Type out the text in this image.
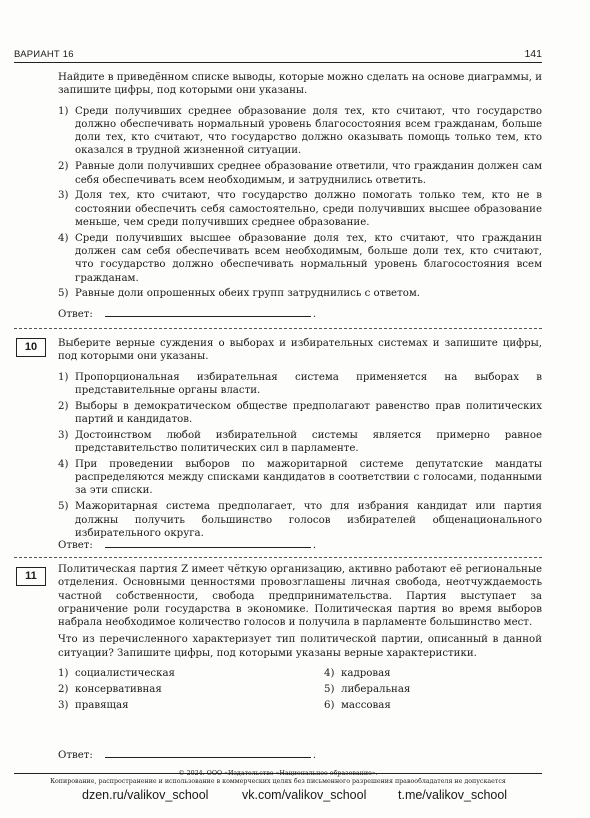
ВАРИАНТ 16	141

Найдите в приведённом списке выводы, которые можно сделать на основе диаграммы, и запишите цифры, под которыми они указаны.

1) Среди получивших среднее образование доля тех, кто считают, что государство должно обеспечивать нормальный уровень благосостояния всем гражданам, больше доли тех, кто считают, что государство должно оказывать помощь только тем, кто оказался в трудной жизненной ситуации.
2) Равные доли получивших среднее образование ответили, что гражданин должен сам себя обеспечивать всем необходимым, и затруднились ответить.
3) Доля тех, кто считают, что государство должно помогать только тем, кто не в состоянии обеспечить себя самостоятельно, среди получивших высшее образование меньше, чем среди получивших среднее образование.
4) Среди получивших высшее образование доля тех, кто считают, что гражданин должен сам себя обеспечивать всем необходимым, больше доли тех, кто считают, что государство должно обеспечивать нормальный уровень благосостояния всем гражданам.
5) Равные доли опрошенных обеих групп затруднились с ответом.
Ответ:	.
10	Выберите верные суждения о выборах и избирательных системах и запишите цифры, под которыми они указаны.

1) Пропорциональная избирательная система применяется на выборах в представительные органы власти.
2) Выборы в демократическом обществе предполагают равенство прав политических партий и кандидатов.
3) Достоинством любой избирательной системы является примерно равное представительство политических сил в парламенте.
4) При проведении выборов по мажоритарной системе депутатские мандаты распределяются между списками кандидатов в соответствии с голосами, поданными за эти списки.
5) Мажоритарная система предполагает, что для избрания кандидат или партия должны получить большинство голосов избирателей общенационального избирательного округа.
Ответ:	.
11

Политическая партия Z имеет чёткую организацию, активно работают её региональные отделения. Основными ценностями провозглашены личная свобода, неотчуждаемость частной собственности, свобода предпринимательства. Партия выступает за ограничение роли государства в экономике. Политическая партия во время выборов набрала необходимое количество голосов и получила в парламенте большинство мест.

Что из перечисленного характеризует тип политической партии, описанный в данной ситуации? Запишите цифры, под которыми указаны верные характеристики.

1) социалистическая
2) консервативная
3) правящая
4) кадровая
5) либеральная
6) массовая
Ответ:	.
© 2024. ООО «Издательство «Национальное образование».
Копирование, распространение и использование в коммерческих целях без письменного разрешения правообладателя не допускается
dzen.ru/valikov_school	vk.com/valikov_school	t.me/valikov_school
